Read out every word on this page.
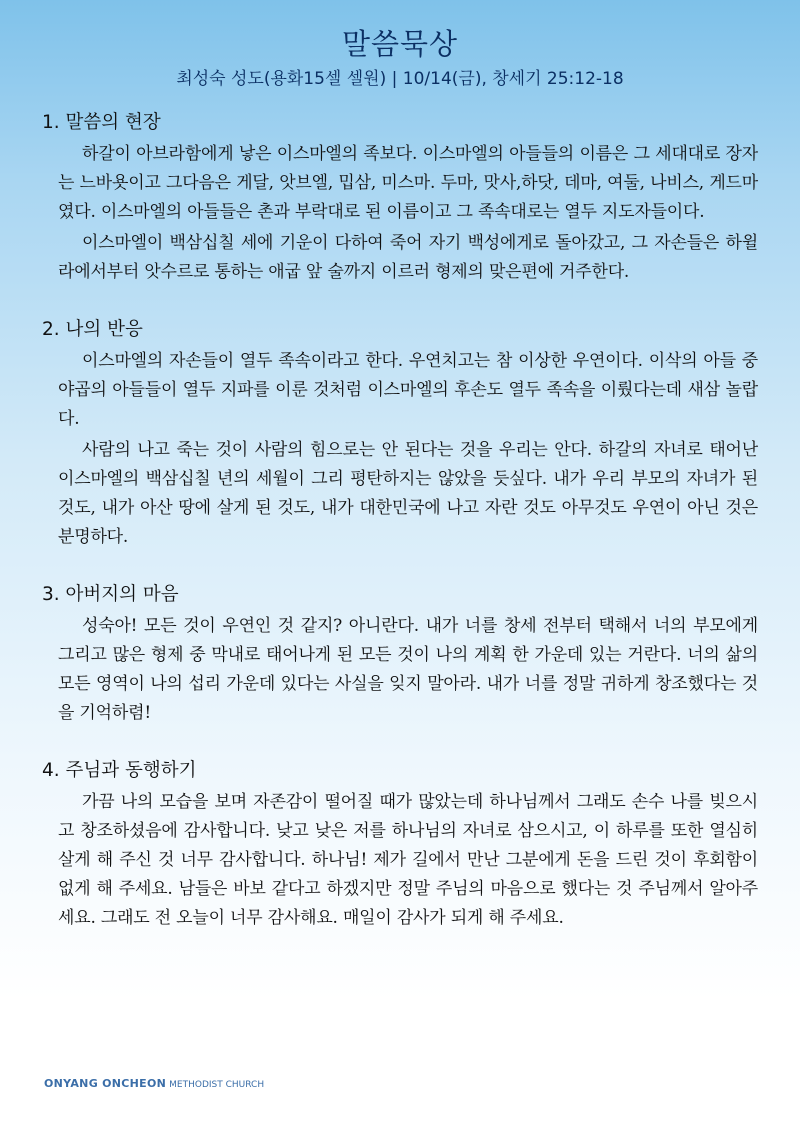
말씀묵상
최성숙 성도(용화15셀 셀원) | 10/14(금), 창세기 25:12-18
1. 말씀의 현장

하갈이 아브라함에게 낳은 이스마엘의 족보다. 이스마엘의 아들들의 이름은 그 세대대로 장자는 느바욧이고 그다음은 게달, 앗브엘, 밉삼, 미스마. 두마, 맛사,하닷, 데마, 여둘, 나비스, 게드마였다. 이스마엘의 아들들은 촌과 부락대로 된 이름이고 그 족속대로는 열두 지도자들이다.

이스마엘이 백삼십칠 세에 기운이 다하여 죽어 자기 백성에게로 돌아갔고, 그 자손들은 하윌라에서부터 앗수르로 통하는 애굽 앞 술까지 이르러 형제의 맞은편에 거주한다.

2. 나의 반응

이스마엘의 자손들이 열두 족속이라고 한다. 우연치고는 참 이상한 우연이다. 이삭의 아들 중 야곱의 아들들이 열두 지파를 이룬 것처럼 이스마엘의 후손도 열두 족속을 이뤘다는데 새삼 놀랍다.

사람의 나고 죽는 것이 사람의 힘으로는 안 된다는 것을 우리는 안다. 하갈의 자녀로 태어난 이스마엘의 백삼십칠 년의 세월이 그리 평탄하지는 않았을 듯싶다. 내가 우리 부모의 자녀가 된 것도, 내가 아산 땅에 살게 된 것도, 내가 대한민국에 나고 자란 것도 아무것도 우연이 아닌 것은 분명하다.

3. 아버지의 마음

성숙아! 모든 것이 우연인 것 같지? 아니란다. 내가 너를 창세 전부터 택해서 너의 부모에게 그리고 많은 형제 중 막내로 태어나게 된 모든 것이 나의 계획 한 가운데 있는 거란다. 너의 삶의 모든 영역이 나의 섭리 가운데 있다는 사실을 잊지 말아라. 내가 너를 정말 귀하게 창조했다는 것을 기억하렴!

4. 주님과 동행하기

가끔 나의 모습을 보며 자존감이 떨어질 때가 많았는데 하나님께서 그래도 손수 나를 빚으시고 창조하셨음에 감사합니다. 낮고 낮은 저를 하나님의 자녀로 삼으시고, 이 하루를 또한 열심히 살게 해 주신 것 너무 감사합니다. 하나님! 제가 길에서 만난 그분에게 돈을 드린 것이 후회함이 없게 해 주세요. 남들은 바보 같다고 하겠지만 정말 주님의 마음으로 했다는 것 주님께서 알아주세요. 그래도 전 오늘이 너무 감사해요. 매일이 감사가 되게 해 주세요.

ONYANG ONCHEON METHODIST CHURCH
